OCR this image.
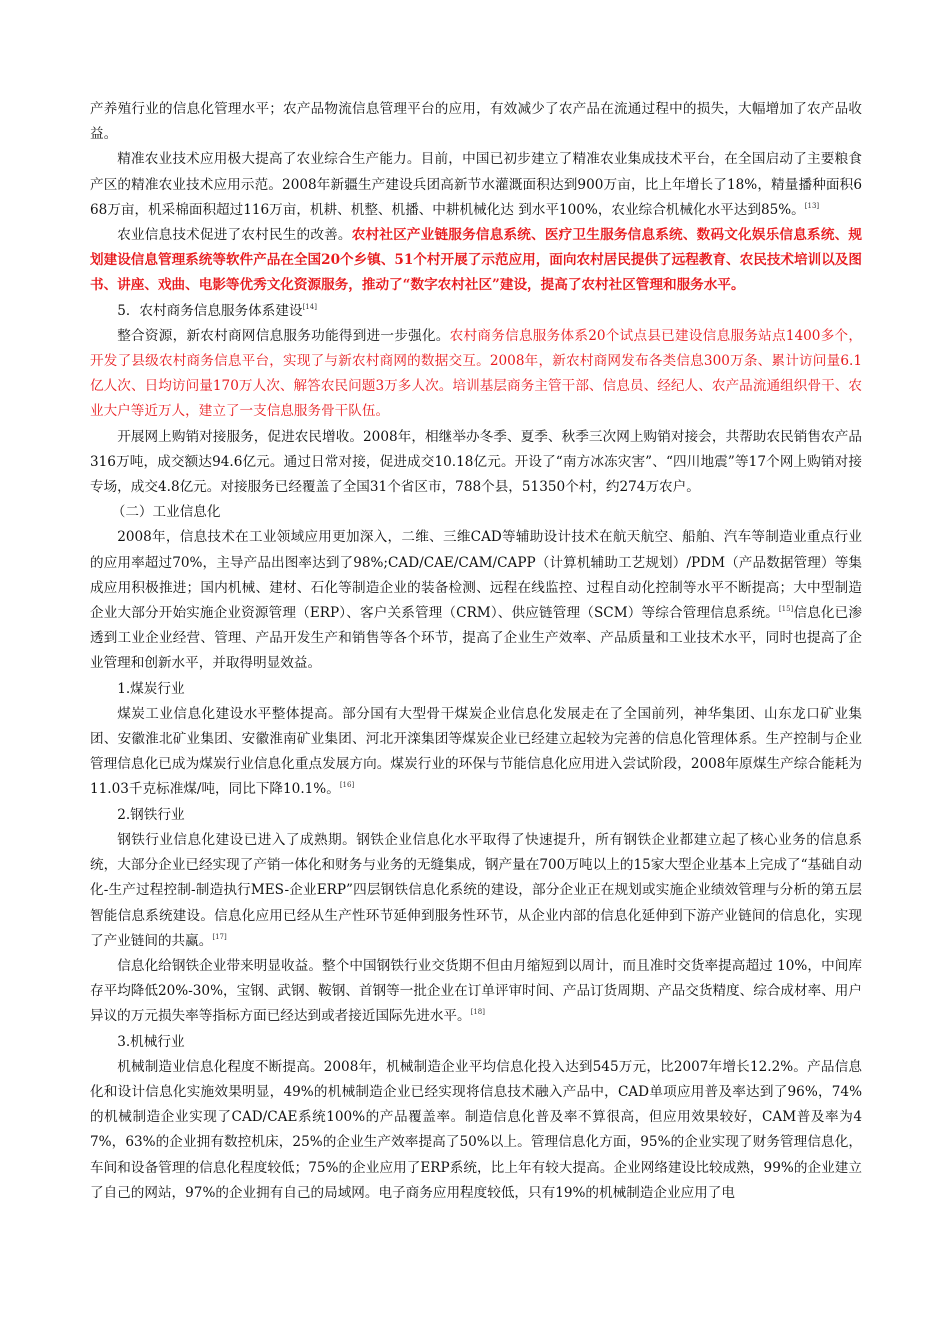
产养殖行业的信息化管理水平；农产品物流信息管理平台的应用，有效减少了农产品在流通过程中的损失，大幅增加了农产品收益。

精准农业技术应用极大提高了农业综合生产能力。目前，中国已初步建立了精准农业集成技术平台，在全国启动了主要粮食产区的精准农业技术应用示范。2008年新疆生产建设兵团高新节水灌溉面积达到900万亩，比上年增长了18%，精量播种面积668万亩，机采棉面积超过116万亩，机耕、机整、机播、中耕机械化达 到水平100%，农业综合机械化水平达到85%。[13]

农业信息技术促进了农村民生的改善。农村社区产业链服务信息系统、医疗卫生服务信息系统、数码文化娱乐信息系统、规划建设信息管理系统等软件产品在全国20个乡镇、51个村开展了示范应用，面向农村居民提供了远程教育、农民技术培训以及图书、讲座、戏曲、电影等优秀文化资源服务，推动了“数字农村社区”建设，提高了农村社区管理和服务水平。

5．农村商务信息服务体系建设[14]

整合资源，新农村商网信息服务功能得到进一步强化。农村商务信息服务体系20个试点县已建设信息服务站点1400多个，开发了县级农村商务信息平台，实现了与新农村商网的数据交互。2008年，新农村商网发布各类信息300万条、累计访问量6.1亿人次、日均访问量170万人次、解答农民问题3万多人次。培训基层商务主管干部、信息员、经纪人、农产品流通组织骨干、农业大户等近万人，建立了一支信息服务骨干队伍。

开展网上购销对接服务，促进农民增收。2008年，相继举办冬季、夏季、秋季三次网上购销对接会，共帮助农民销售农产品316万吨，成交额达94.6亿元。通过日常对接，促进成交10.18亿元。开设了“南方冰冻灾害”、“四川地震”等17个网上购销对接专场，成交4.8亿元。对接服务已经覆盖了全国31个省区市，788个县，51350个村，约274万农户。

（二）工业信息化

2008年，信息技术在工业领域应用更加深入，二维、三维CAD等辅助设计技术在航天航空、船舶、汽车等制造业重点行业的应用率超过70%，主导产品出图率达到了98%;CAD/CAE/CAM/CAPP（计算机辅助工艺规划）/PDM（产品数据管理）等集成应用积极推进；国内机械、建材、石化等制造企业的装备检测、远程在线监控、过程自动化控制等水平不断提高；大中型制造企业大部分开始实施企业资源管理（ERP）、客户关系管理（CRM）、供应链管理（SCM）等综合管理信息系统。[15]信息化已渗透到工业企业经营、管理、产品开发生产和销售等各个环节，提高了企业生产效率、产品质量和工业技术水平，同时也提高了企业管理和创新水平，并取得明显效益。

1.煤炭行业

煤炭工业信息化建设水平整体提高。部分国有大型骨干煤炭企业信息化发展走在了全国前列，神华集团、山东龙口矿业集团、安徽淮北矿业集团、安徽淮南矿业集团、河北开滦集团等煤炭企业已经建立起较为完善的信息化管理体系。生产控制与企业管理信息化已成为煤炭行业信息化重点发展方向。煤炭行业的环保与节能信息化应用进入尝试阶段，2008年原煤生产综合能耗为11.03千克标准煤/吨，同比下降10.1%。[16]

2.钢铁行业

钢铁行业信息化建设已进入了成熟期。钢铁企业信息化水平取得了快速提升，所有钢铁企业都建立起了核心业务的信息系统，大部分企业已经实现了产销一体化和财务与业务的无缝集成，钢产量在700万吨以上的15家大型企业基本上完成了“基础自动化-生产过程控制-制造执行MES-企业ERP”四层钢铁信息化系统的建设，部分企业正在规划或实施企业绩效管理与分析的第五层智能信息系统建设。信息化应用已经从生产性环节延伸到服务性环节，从企业内部的信息化延伸到下游产业链间的信息化，实现了产业链间的共赢。[17]

信息化给钢铁企业带来明显收益。整个中国钢铁行业交货期不但由月缩短到以周计，而且准时交货率提高超过 10%，中间库存平均降低20%-30%，宝钢、武钢、鞍钢、首钢等一批企业在订单评审时间、产品订货周期、产品交货精度、综合成材率、用户异议的万元损失率等指标方面已经达到或者接近国际先进水平。[18]

3.机械行业

机械制造业信息化程度不断提高。2008年，机械制造企业平均信息化投入达到545万元，比2007年增长12.2%。产品信息化和设计信息化实施效果明显，49%的机械制造企业已经实现将信息技术融入产品中，CAD单项应用普及率达到了96%，74%的机械制造企业实现了CAD/CAE系统100%的产品覆盖率。制造信息化普及率不算很高，但应用效果较好，CAM普及率为47%，63%的企业拥有数控机床，25%的企业生产效率提高了50%以上。管理信息化方面，95%的企业实现了财务管理信息化，车间和设备管理的信息化程度较低；75%的企业应用了ERP系统，比上年有较大提高。企业网络建设比较成熟，99%的企业建立了自己的网站，97%的企业拥有自己的局域网。电子商务应用程度较低，只有19%的机械制造企业应用了电
